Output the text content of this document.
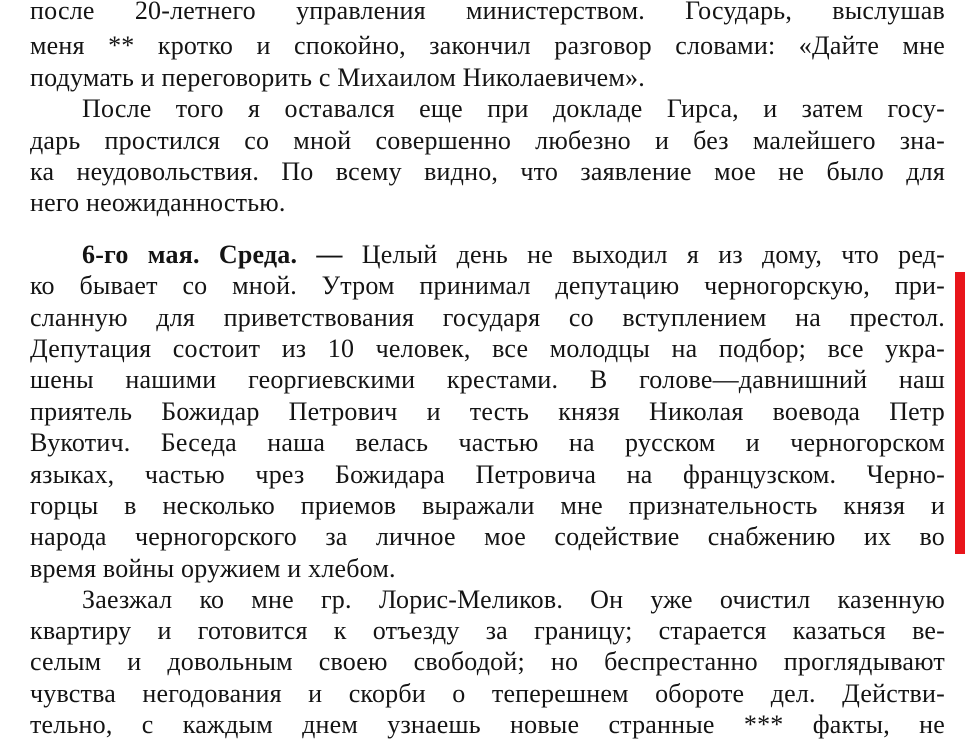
после 20-летнего управления министерством. Государь, выслушав
меня ** кротко и спокойно, закончил разговор словами: «Дайте мне
подумать и переговорить с Михаилом Николаевичем».
После того я оставался еще при докладе Гирса, и затем госу-
дарь простился со мной совершенно любезно и без малейшего зна-
ка неудовольствия. По всему видно, что заявление мое не было для
него неожиданностью.
6-го мая. Среда. — Целый день не выходил я из дому, что ред-
ко бывает со мной. Утром принимал депутацию черногорскую, при-
сланную для приветствования государя со вступлением на престол.
Депутация состоит из 10 человек, все молодцы на подбор; все укра-
шены нашими георгиевскими крестами. В голове—давнишний наш
приятель Божидар Петрович и тесть князя Николая воевода Петр
Вукотич. Беседа наша велась частью на русском и черногорском
языках, частью чрез Божидара Петровича на французском. Черно-
горцы в несколько приемов выражали мне признательность князя и
народа черногорского за личное мое содействие снабжению их во
время войны оружием и хлебом.
Заезжал ко мне гр. Лорис-Меликов. Он уже очистил казенную
квартиру и готовится к отъезду за границу; старается казаться ве-
селым и довольным своею свободой; но беспрестанно проглядывают
чувства негодования и скорби о теперешнем обороте дел. Действи-
тельно, с каждым днем узнаешь новые странные *** факты, не
